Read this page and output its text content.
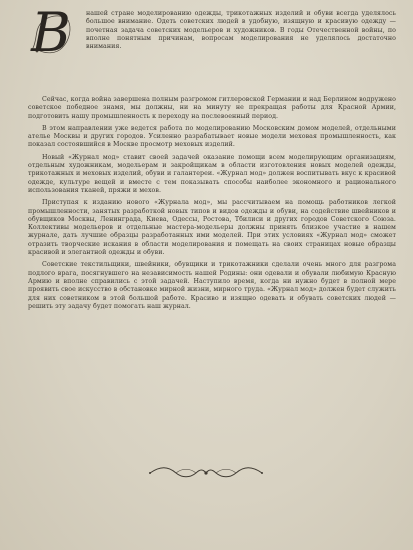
В	нашей стране моделированию одежды, трикотажных изделий и обуви всегда уделялось большое внимание. Одеть советских людей в удобную, изящную и красивую одежду — почетная задача советских модельеров и художников. В годы Отечественной войны, по вполне понятным причинам, вопросам моделирования не уделялось достаточно внимания.

Сейчас, когда война завершена полным разгромом гитлеровской Германии и над Берлином водружено советское победное знамя, мы должны, ни на минуту не прекращая работы для Красной Армии, подготовить нашу промышленность к переходу на послевоенный период.

В этом направлении уже ведется работа по моделированию Московским домом моделей, отдельными ателье Москвы и других городов. Усиленно разрабатывает новые модели меховая промышленность, как показал состоявшийся в Москве просмотр меховых изделий.

Новый «Журнал мод» ставит своей задачей оказание помощи всем моделирующим организациям, отдельным художникам, модельерам и закройщикам в области изготовления новых моделей одежды, трикотажных и меховых изделий, обуви и галантереи. «Журнал мод» должен воспитывать вкус к красивой одежде, культуре вещей и вместе с тем показывать способы наиболее экономного и рационального использования тканей, пряжи и мехов.

Приступая к изданию нового «Журнала мод», мы рассчитываем на помощь работников легкой промышленности, занятых разработкой новых типов и видов одежды и обуви, на содействие швейников и обувщиков Москвы, Ленинграда, Киева, Одессы, Ростова, Тбилиси и других городов Советского Союза. Коллективы модельеров и отдельные мастера-модельеры должны принять близкое участие в нашем журнале, дать лучшие образцы разработанных ими моделей. При этих условиях «Журнал мод» сможет отразить творческие искания в области моделирования и помещать на своих страницах новые образцы красивой и элегантной одежды и обуви.

Советские текстильщики, швейники, обувщики и трикотажники сделали очень много для разгрома подлого врага, посягнувшего на независимость нашей Родины: они одевали и обували любимую Красную Армию и вполне справились с этой задачей. Наступило время, когда ни нужно будет в полной мере проявить свое искусство в обстановке мирной жизни, мирного труда. «Журнал мод» должен будет служить для них советником в этой большой работе. Красиво и изящно одевать и обувать советских людей — решить эту задачу будет помогать наш журнал.
